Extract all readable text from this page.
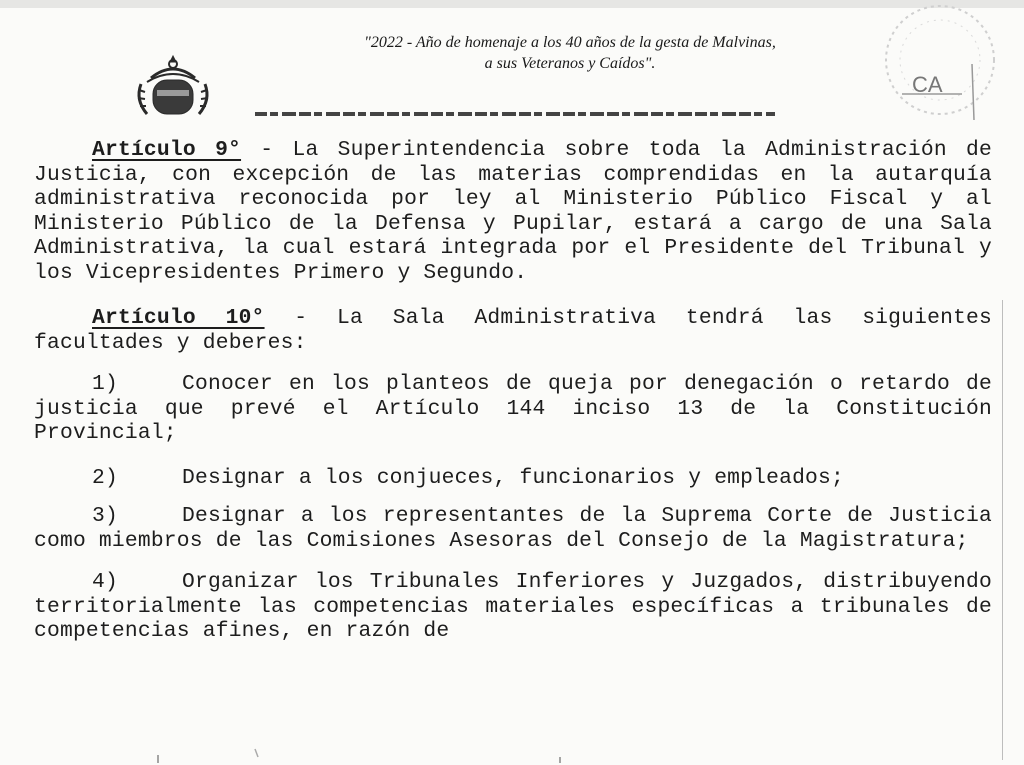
"2022 - Año de homenaje a los 40 años de la gesta de Malvinas,
a sus Veteranos y Caídos".
CA

Artículo 9° - La Superintendencia sobre toda la Administración de Justicia, con excepción de las materias comprendidas en la autarquía administrativa reconocida por ley al Ministerio Público Fiscal y al Ministerio Público de la Defensa y Pupilar, estará a cargo de una Sala Administrativa, la cual estará integrada por el Presidente del Tribunal y los Vicepresidentes Primero y Segundo.

Artículo 10° - La Sala Administrativa tendrá las siguientes facultades y deberes:

1)	Conocer en los planteos de queja por denegación o retardo de justicia que prevé el Artículo 144 inciso 13 de la Constitución Provincial;

2)	Designar a los conjueces, funcionarios y empleados;

3)	Designar a los representantes de la Suprema Corte de Justicia como miembros de las Comisiones Asesoras del Consejo de la Magistratura;

4)	Organizar los Tribunales Inferiores y Juzgados, distribuyendo territorialmente las competencias materiales específicas a tribunales de competencias afines, en razón de
